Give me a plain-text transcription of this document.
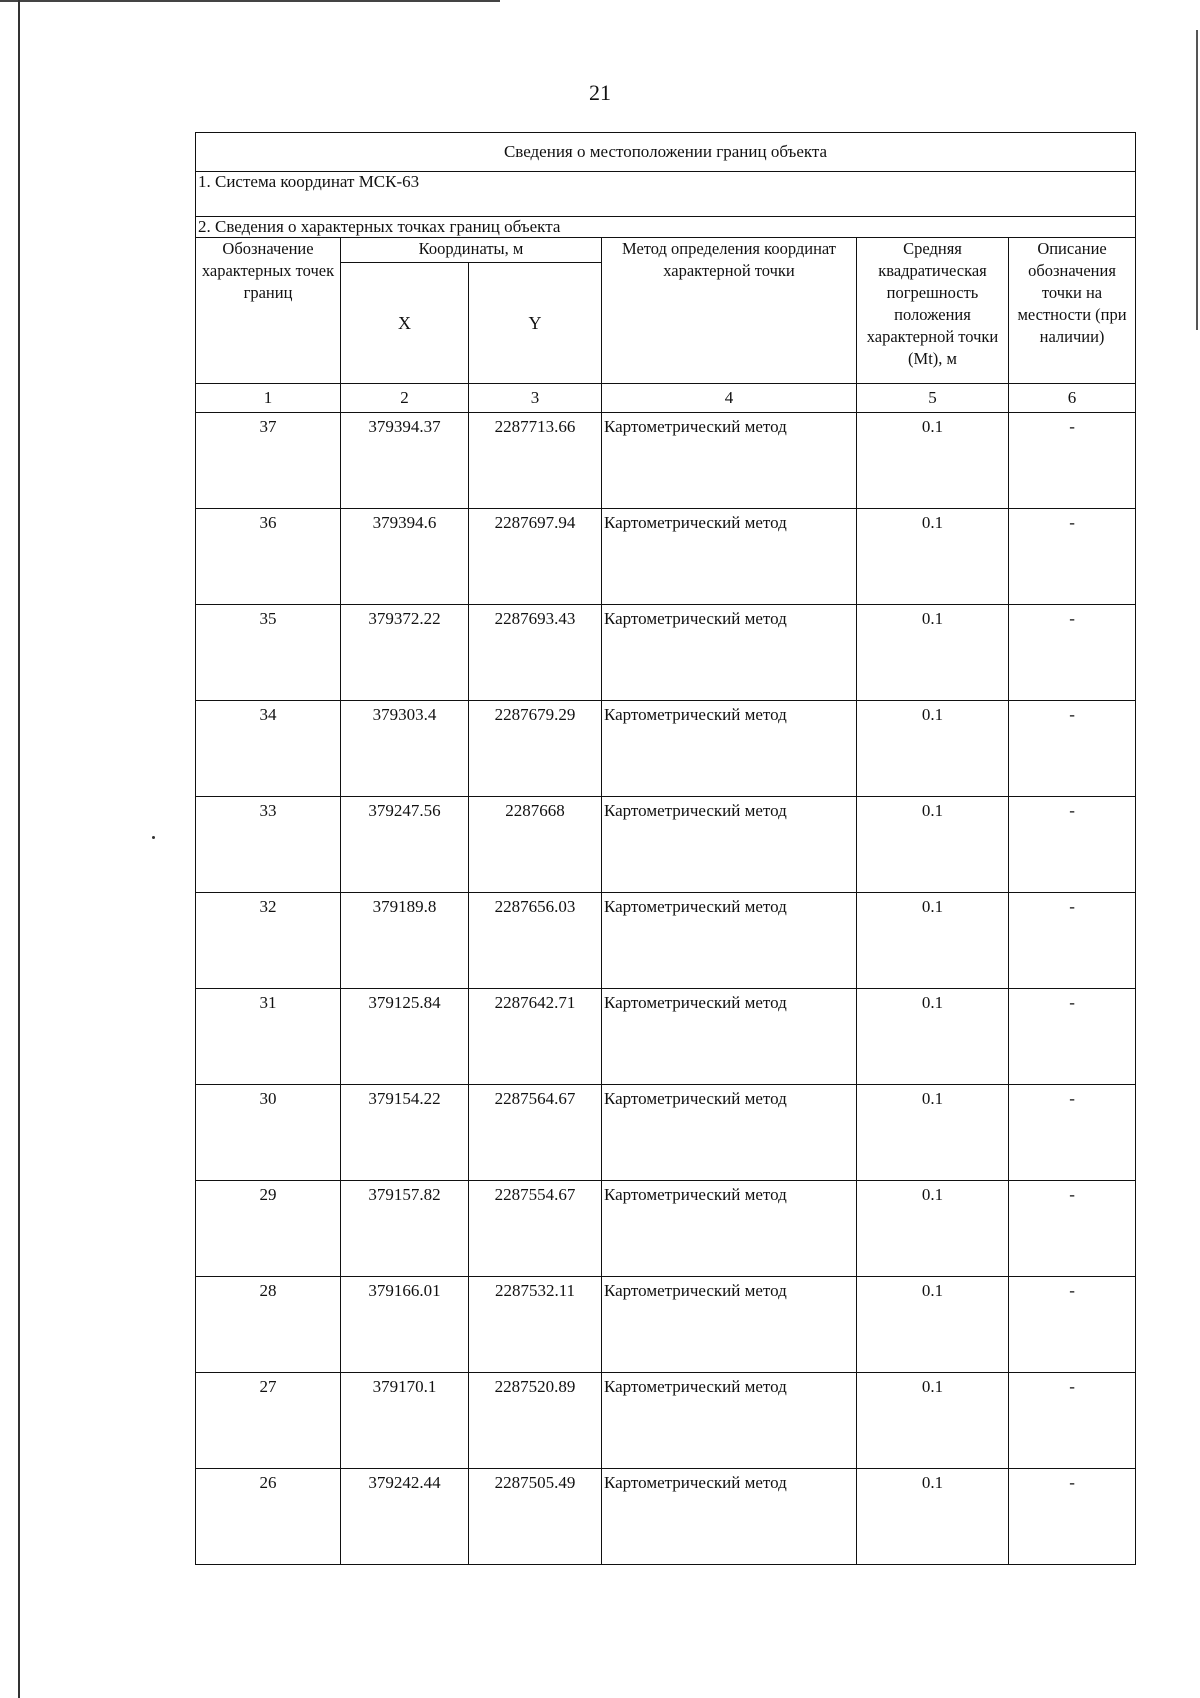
21
Сведения о местоположении границ объекта					
1. Система координат МСК-63					
2. Сведения о характерных точках границ объекта					
Обозначение характерных точек границ	Координаты, м		Метод определения координат характерной точки	Средняя квадратическая погрешность положения характерной точки (Mt), м	Описание обозначения точки на местности (при наличии)
	X	Y			
1	2	3	4	5	6
37	379394.37	2287713.66	Картометрический метод	0.1	-
36	379394.6	2287697.94	Картометрический метод	0.1	-
35	379372.22	2287693.43	Картометрический метод	0.1	-
34	379303.4	2287679.29	Картометрический метод	0.1	-
33	379247.56	2287668	Картометрический метод	0.1	-
32	379189.8	2287656.03	Картометрический метод	0.1	-
31	379125.84	2287642.71	Картометрический метод	0.1	-
30	379154.22	2287564.67	Картометрический метод	0.1	-
29	379157.82	2287554.67	Картометрический метод	0.1	-
28	379166.01	2287532.11	Картометрический метод	0.1	-
27	379170.1	2287520.89	Картометрический метод	0.1	-
26	379242.44	2287505.49	Картометрический метод	0.1	-
